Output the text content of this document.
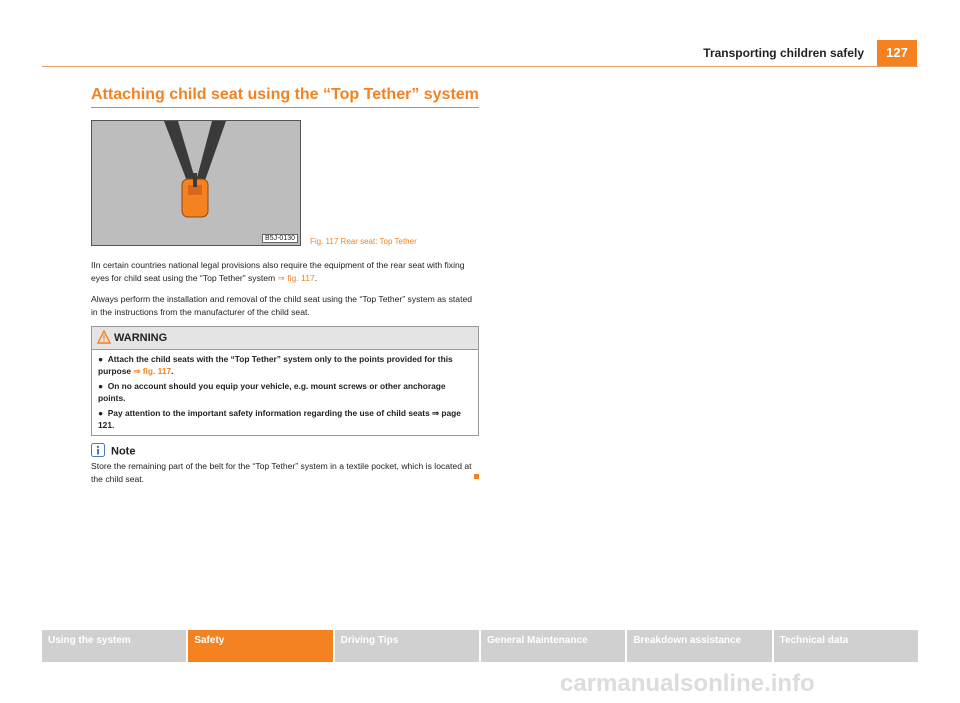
Transporting children safely	127
Attaching child seat using the “Top Tether” system
B5J-0130	Fig. 117 Rear seat: Top Tether
IIn certain countries national legal provisions also require the equipment of the rear seat with fixing eyes for child seat using the “Top Tether” system ⇒ fig. 117.
Always perform the installation and removal of the child seat using the “Top Tether” system as stated in the instructions from the manufacturer of the child seat.
WARNING
●  Attach the child seats with the “Top Tether” system only to the points provided for this purpose ⇒ fig. 117.
●  On no account should you equip your vehicle, e.g. mount screws or other anchorage points.
●  Pay attention to the important safety information regarding the use of child seats ⇒ page 121.
Note
Store the remaining part of the belt for the “Top Tether” system in a textile pocket, which is located at the child seat.
Using the system	Safety	Driving Tips	General Maintenance	Breakdown assistance	Technical data
carmanualsonline.info
